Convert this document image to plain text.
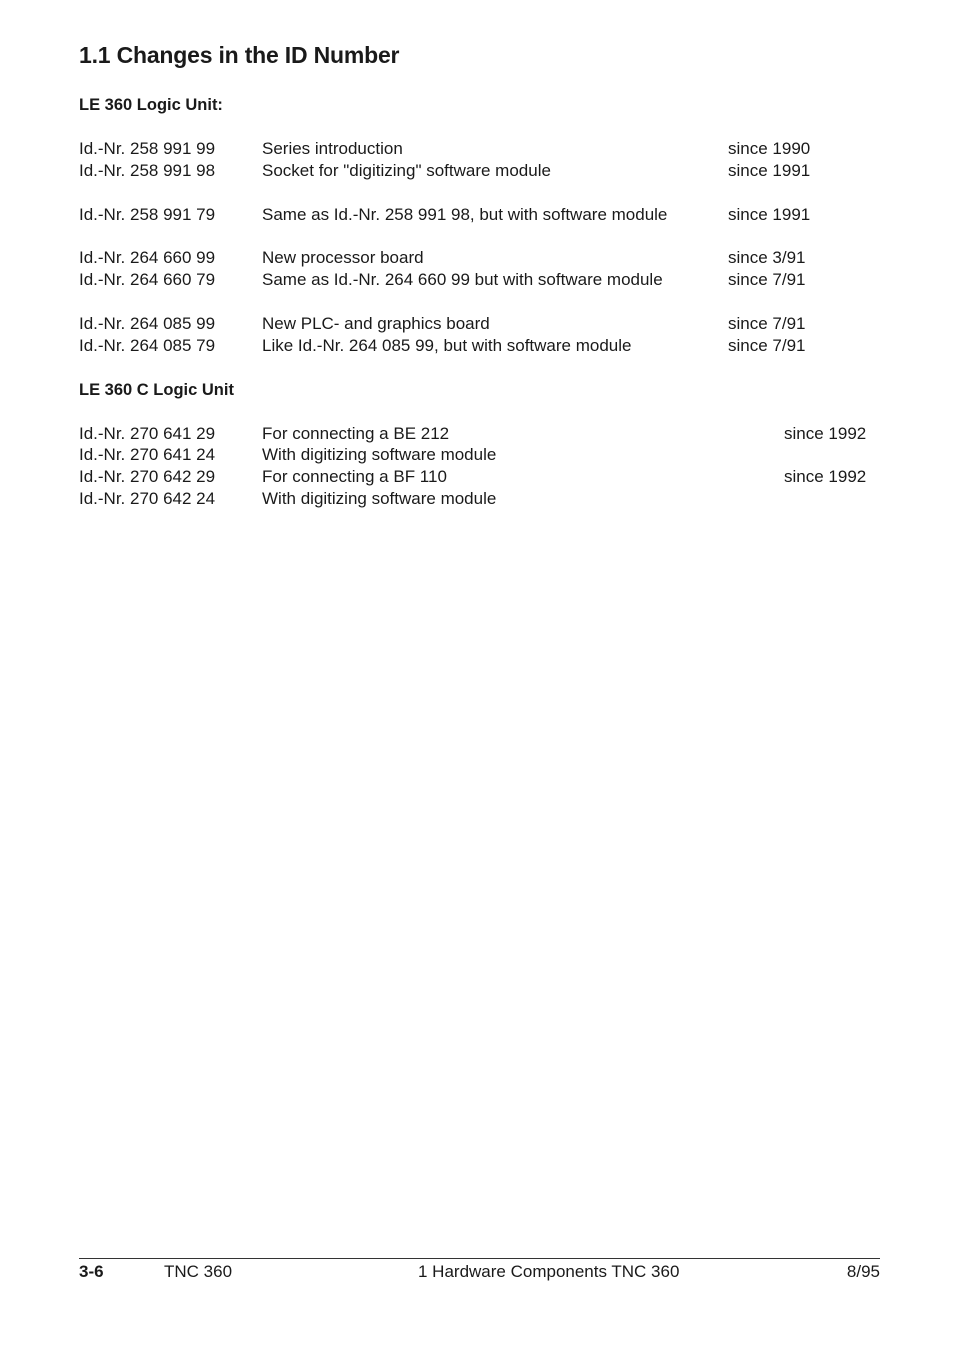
1.1 Changes in the ID Number
LE 360 Logic Unit:
Id.-Nr. 258 991 99	Series introduction	since 1990
Id.-Nr. 258 991 98	Socket for "digitizing" software module	since 1991
Id.-Nr. 258 991 79	Same as Id.-Nr. 258 991 98, but with software module	since 1991
Id.-Nr. 264 660 99	New processor board	since 3/91
Id.-Nr. 264 660 79	Same as Id.-Nr. 264 660 99 but with software module	since 7/91
Id.-Nr. 264 085 99	New PLC- and graphics board	since 7/91
Id.-Nr. 264 085 79	Like Id.-Nr. 264 085 99, but with software module	since 7/91
LE 360 C Logic Unit
Id.-Nr. 270 641 29	For connecting a BE 212	since 1992
Id.-Nr. 270 641 24	With digitizing software module
Id.-Nr. 270 642 29	For connecting a BF 110	since 1992
Id.-Nr. 270 642 24	With digitizing software module
3-6	TNC 360	1 Hardware Components TNC 360	8/95
